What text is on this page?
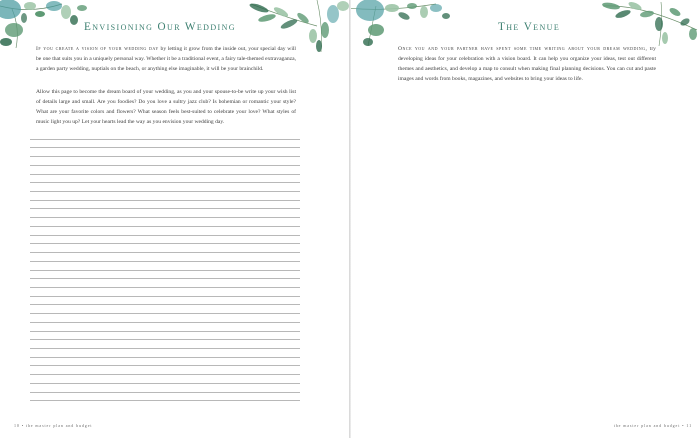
Envisioning Our Wedding

If you create a vision of your wedding day by letting it grow from the inside out, your special day will be one that suits you in a uniquely personal way. Whether it be a traditional event, a fairy tale-themed extravaganza, a garden party wedding, nuptials on the beach, or anything else imaginable, it will be your brainchild.

Allow this page to become the dream board of your wedding, as you and your spouse-to-be write up your wish list of details large and small. Are you foodies? Do you love a sultry jazz club? Is bohemian or romantic your style? What are your favorite colors and flowers? What season feels best-suited to celebrate your love? What styles of music light you up? Let your hearts lead the way as you envision your wedding day.

10 • the master plan and budget

The Venue

Once you and your partner have spent some time writing about your dream wedding, try developing ideas for your celebration with a vision board. It can help you organize your ideas, test out different themes and aesthetics, and develop a map to consult when making final planning decisions. You can cut and paste images and words from books, magazines, and websites to bring your ideas to life.

the master plan and budget • 11
